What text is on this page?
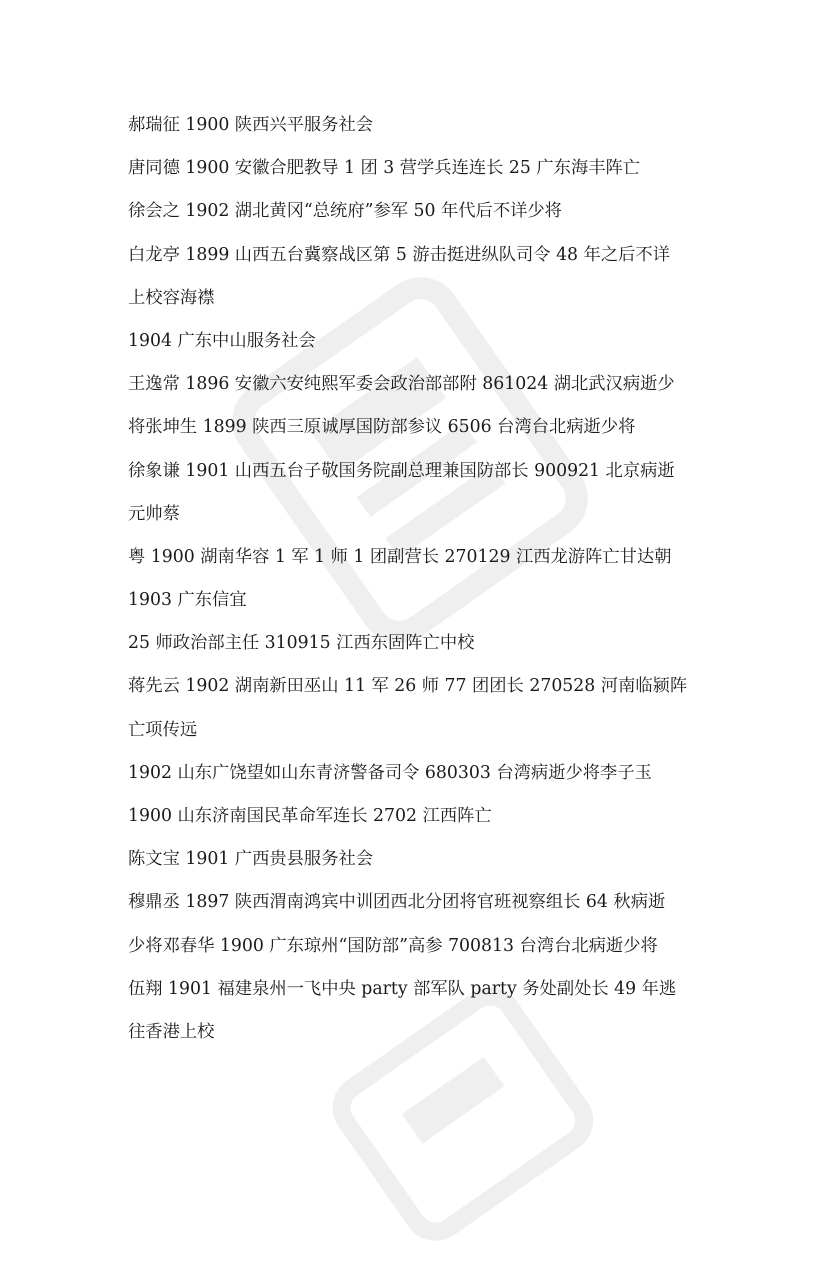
郝瑞征 1900 陕西兴平服务社会
唐同德 1900 安徽合肥教导 1 团 3 营学兵连连长 25 广东海丰阵亡
徐会之 1902 湖北黄冈“总统府”参军 50 年代后不详少将
白龙亭 1899 山西五台冀察战区第 5 游击挺进纵队司令 48 年之后不详
上校容海襟
1904 广东中山服务社会
王逸常 1896 安徽六安纯熙军委会政治部部附 861024 湖北武汉病逝少
将张坤生 1899 陕西三原诚厚国防部参议 6506 台湾台北病逝少将
徐象谦 1901 山西五台子敬国务院副总理兼国防部长 900921 北京病逝
元帅蔡
粤 1900 湖南华容 1 军 1 师 1 团副营长 270129 江西龙游阵亡甘达朝
1903 广东信宜
25 师政治部主任 310915 江西东固阵亡中校
蒋先云 1902 湖南新田巫山 11 军 26 师 77 团团长 270528 河南临颍阵
亡项传远
1902 山东广饶望如山东青济警备司令 680303 台湾病逝少将李子玉
1900 山东济南国民革命军连长 2702 江西阵亡
陈文宝 1901 广西贵县服务社会
穆鼎丞 1897 陕西渭南鸿宾中训团西北分团将官班视察组长 64 秋病逝
少将邓春华 1900 广东琼州“国防部”高参 700813 台湾台北病逝少将
伍翔 1901 福建泉州一飞中央 party 部军队 party 务处副处长 49 年逃
往香港上校
